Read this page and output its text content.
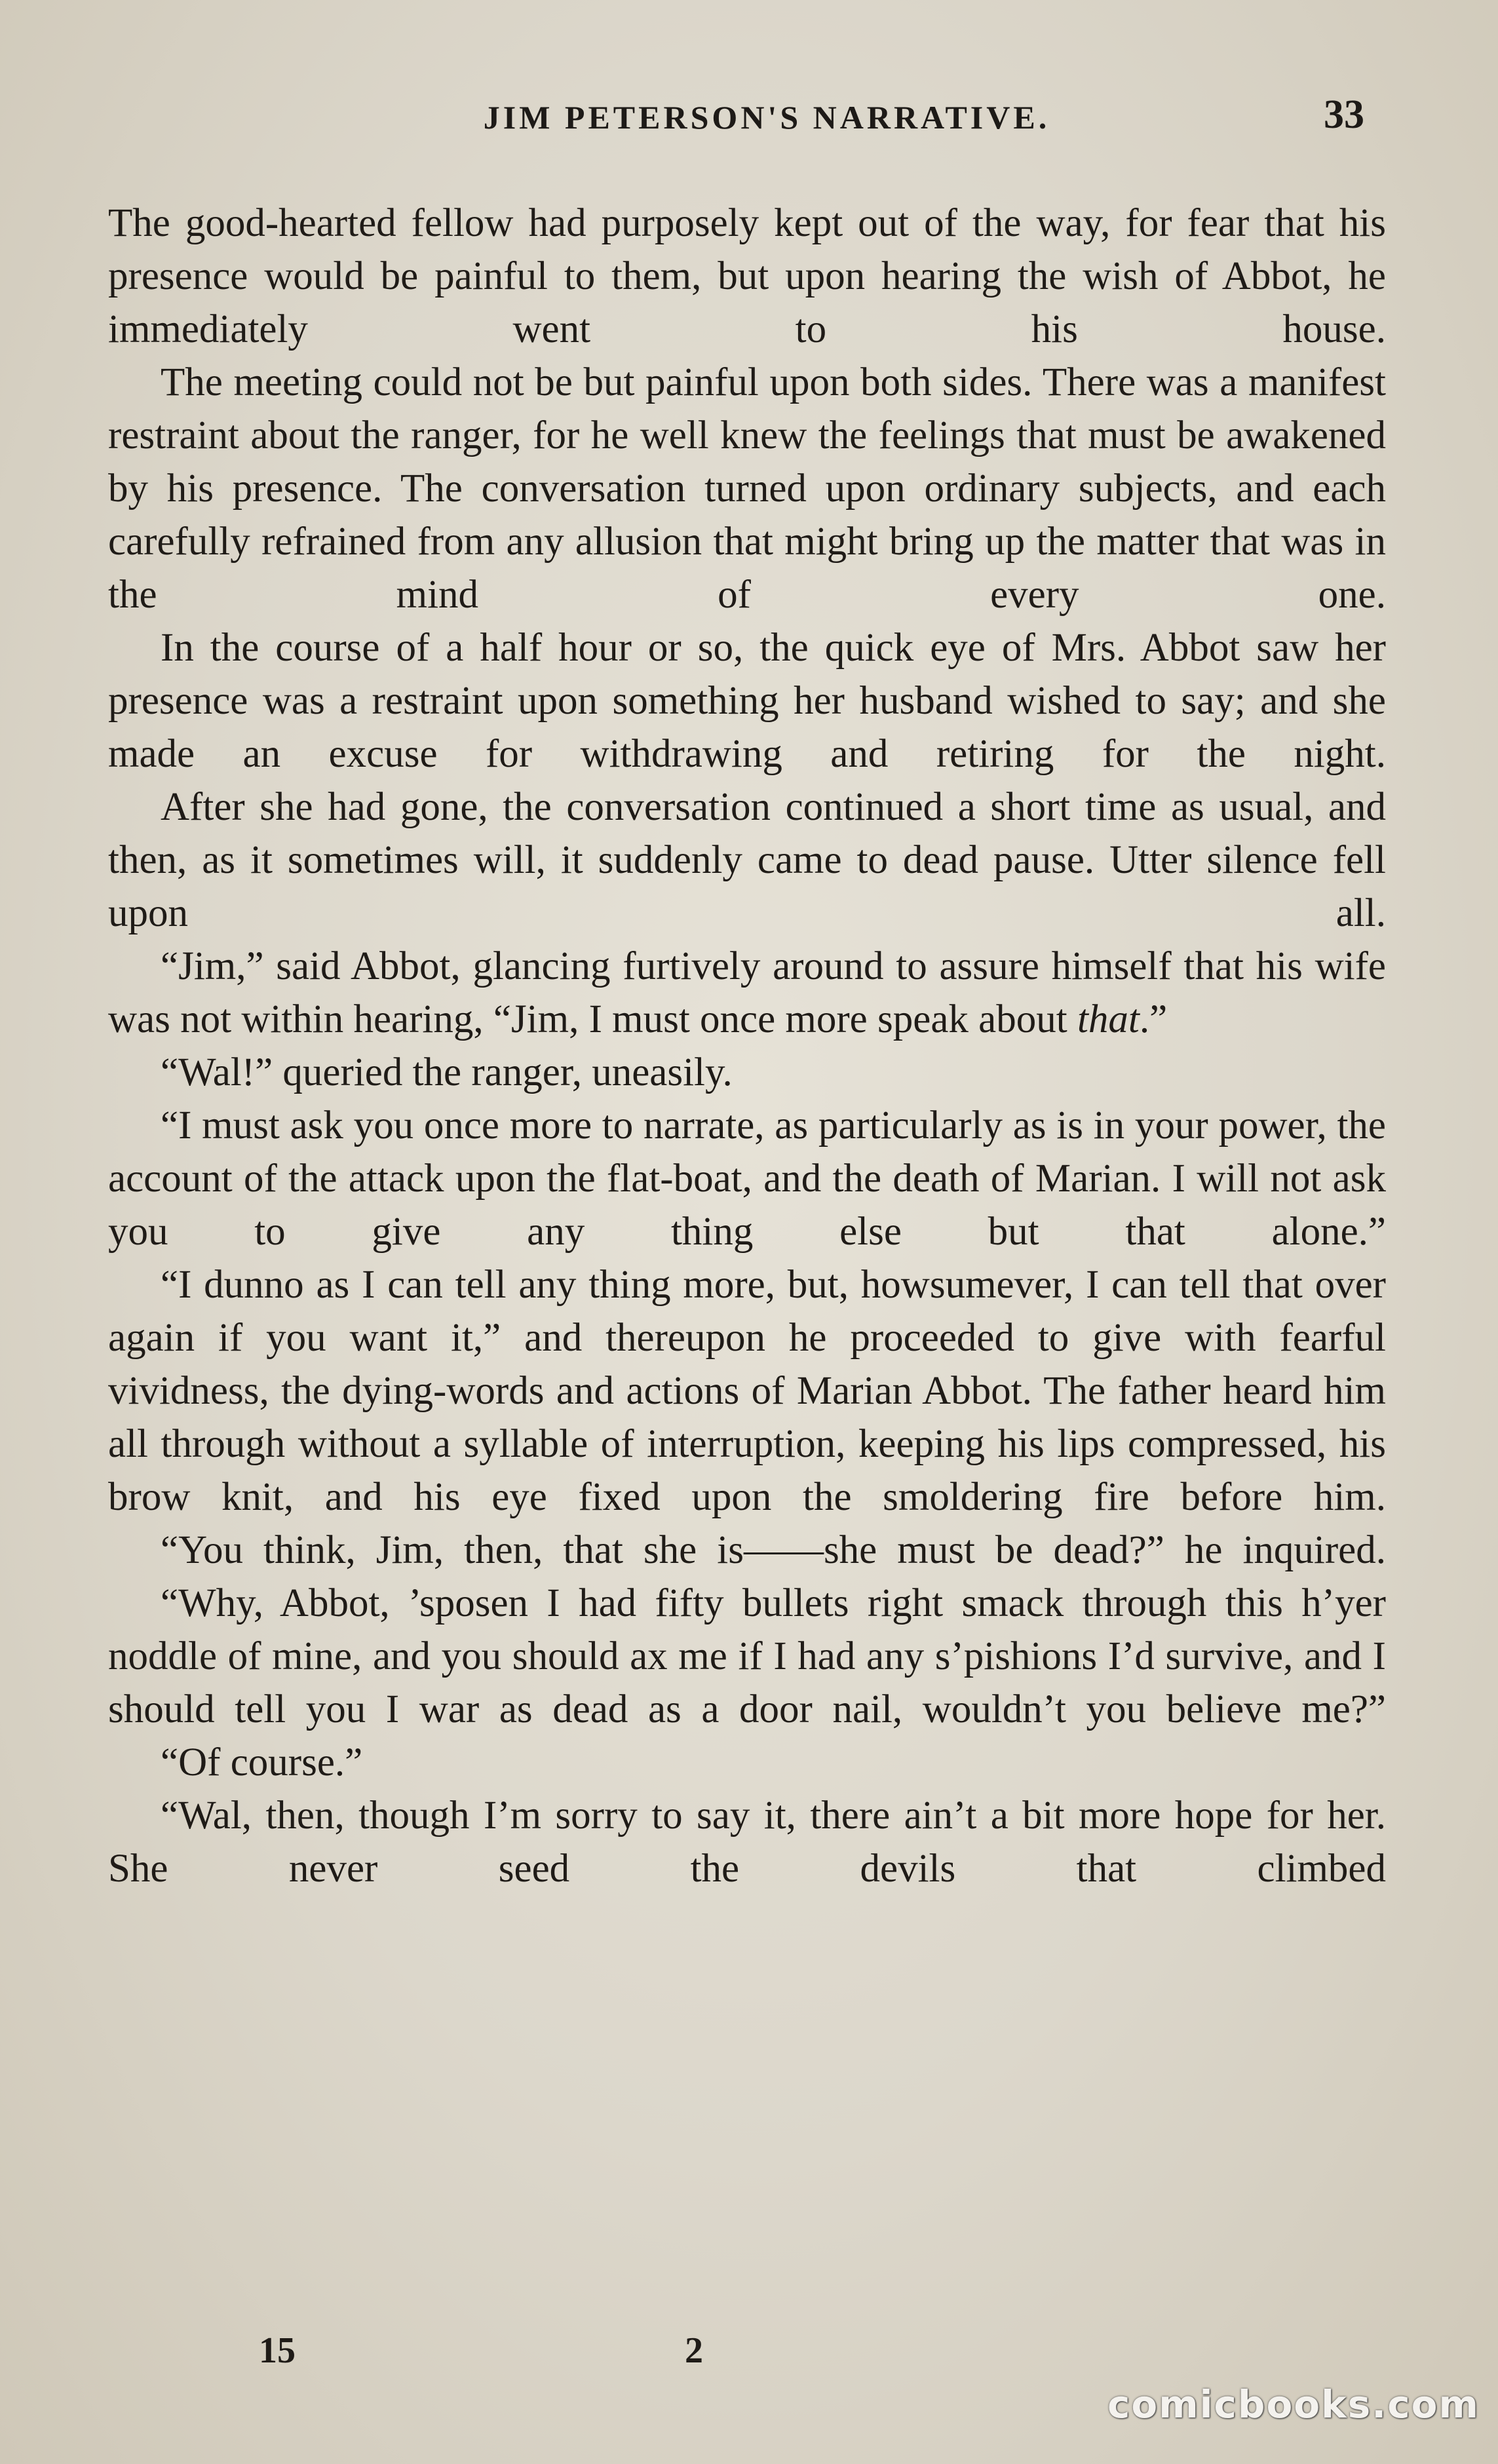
JIM PETERSON'S NARRATIVE.	33

The good-hearted fellow had purposely kept out of the way, for fear that his presence would be painful to them, but upon hearing the wish of Abbot, he immediately went to his house.

The meeting could not be but painful upon both sides. There was a manifest restraint about the ranger, for he well knew the feelings that must be awakened by his presence. The conversation turned upon ordinary subjects, and each carefully refrained from any allusion that might bring up the matter that was in the mind of every one.

In the course of a half hour or so, the quick eye of Mrs. Abbot saw her presence was a restraint upon something her husband wished to say; and she made an excuse for withdrawing and retiring for the night.

After she had gone, the conversation continued a short time as usual, and then, as it sometimes will, it suddenly came to dead pause. Utter silence fell upon all.

“Jim,” said Abbot, glancing furtively around to assure himself that his wife was not within hearing, “Jim, I must once more speak about that.”

“Wal!” queried the ranger, uneasily.

“I must ask you once more to narrate, as particularly as is in your power, the account of the attack upon the flat-boat, and the death of Marian. I will not ask you to give any thing else but that alone.”

“I dunno as I can tell any thing more, but, howsumever, I can tell that over again if you want it,” and thereupon he proceeded to give with fearful vividness, the dying-words and actions of Marian Abbot. The father heard him all through without a syllable of interruption, keeping his lips compressed, his brow knit, and his eye fixed upon the smoldering fire before him.

“You think, Jim, then, that she is——she must be dead?” he inquired.

“Why, Abbot, ’sposen I had fifty bullets right smack through this h’yer noddle of mine, and you should ax me if I had any s’pishions I’d survive, and I should tell you I war as dead as a door nail, wouldn’t you believe me?”

“Of course.”

“Wal, then, though I’m sorry to say it, there ain’t a bit more hope for her. She never seed the devils that climbed

15	2
comicbooks.com
